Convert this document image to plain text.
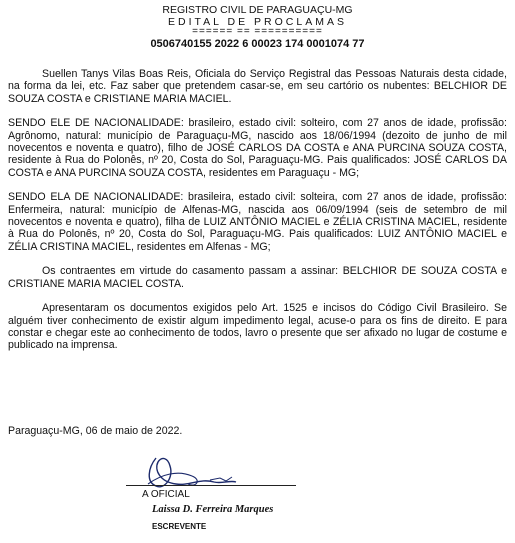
REGISTRO CIVIL DE PARAGUAÇU-MG
EDITAL DE PROCLAMAS
====== == ==========
0506740155 2022 6 00023 174 0001074 77

Suellen Tanys Vilas Boas Reis, Oficiala do Serviço Registral das Pessoas Naturais desta cidade, na forma da lei, etc. Faz saber que pretendem casar-se, em seu cartório os nubentes: BELCHIOR DE SOUZA COSTA e CRISTIANE MARIA MACIEL.

SENDO ELE DE NACIONALIDADE: brasileiro, estado civil: solteiro, com 27 anos de idade, profissão: Agrônomo, natural: município de Paraguaçu-MG, nascido aos 18/06/1994 (dezoito de junho de mil novecentos e noventa e quatro), filho de JOSÉ CARLOS DA COSTA e ANA PURCINA SOUZA COSTA, residente à Rua do Polonês, nº 20, Costa do Sol, Paraguaçu-MG. Pais qualificados: JOSÉ CARLOS DA COSTA e ANA PURCINA SOUZA COSTA, residentes em Paraguaçu - MG;

SENDO ELA DE NACIONALIDADE: brasileira, estado civil: solteira, com 27 anos de idade, profissão: Enfermeira, natural: município de Alfenas-MG, nascida aos 06/09/1994 (seis de setembro de mil novecentos e noventa e quatro), filha de LUIZ ANTÔNIO MACIEL e ZÉLIA CRISTINA MACIEL, residente à Rua do Polonês, nº 20, Costa do Sol, Paraguaçu-MG. Pais qualificados: LUIZ ANTÔNIO MACIEL e ZÉLIA CRISTINA MACIEL, residentes em Alfenas - MG;

Os contraentes em virtude do casamento passam a assinar: BELCHIOR DE SOUZA COSTA e CRISTIANE MARIA MACIEL COSTA.

Apresentaram os documentos exigidos pelo Art. 1525 e incisos do Código Civil Brasileiro. Se alguém tiver conhecimento de existir algum impedimento legal, acuse-o para os fins de direito. E para constar e chegar este ao conhecimento de todos, lavro o presente que ser afixado no lugar de costume e publicado na imprensa.

Paraguaçu-MG, 06 de maio de 2022.
A OFICIAL
Laissa D. Ferreira Marques
ESCREVENTE
